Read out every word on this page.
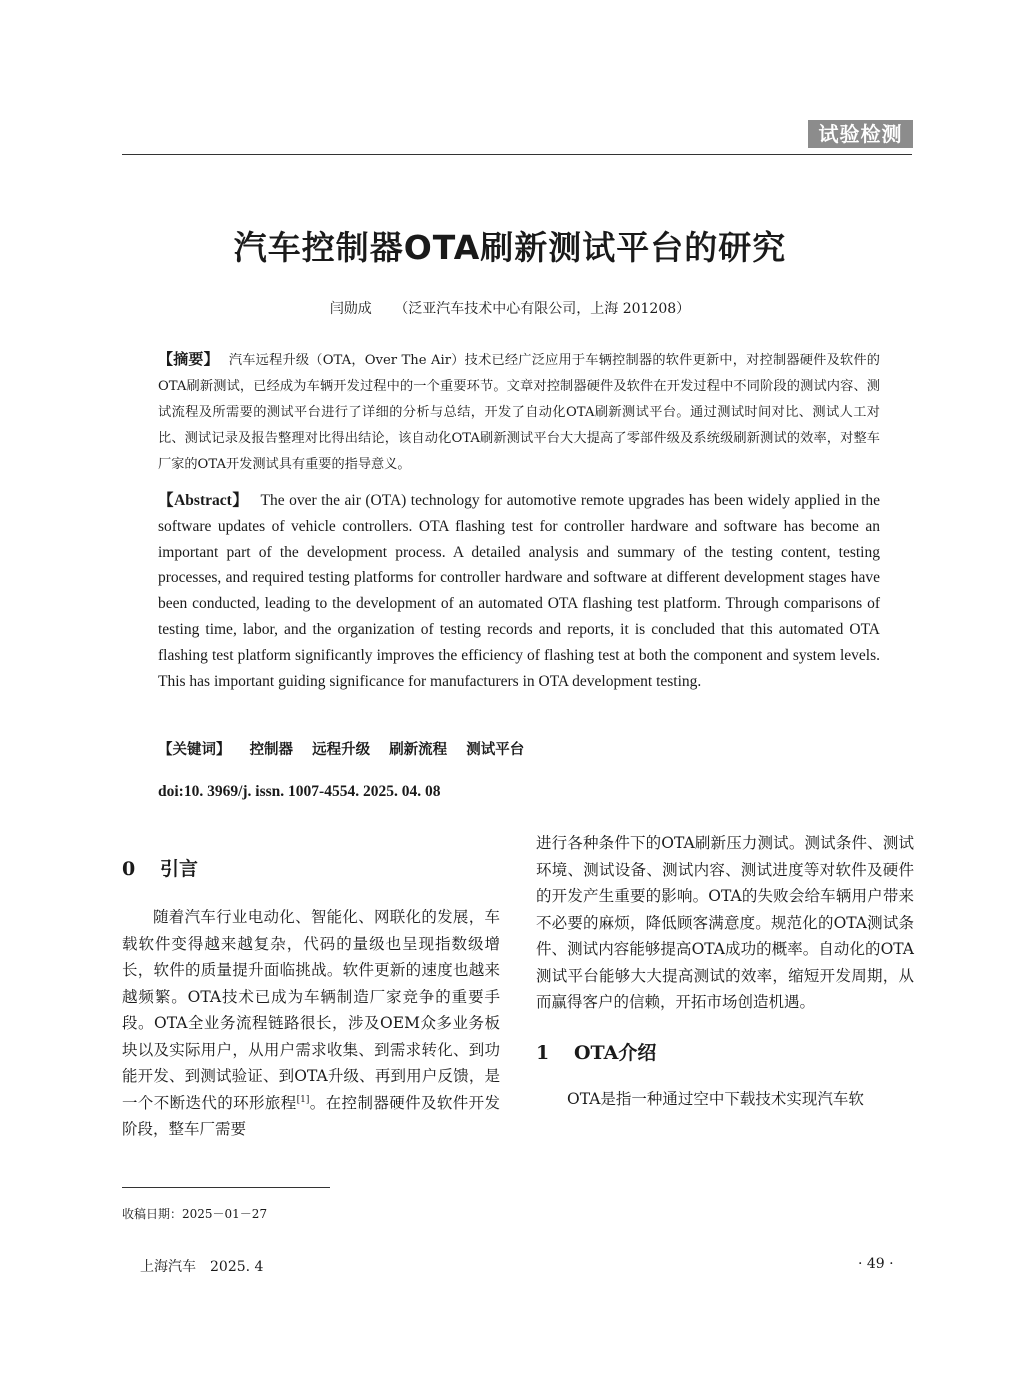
试验检测
汽车控制器OTA刷新测试平台的研究
闫勋成 （泛亚汽车技术中心有限公司，上海 201208）
【摘要】 汽车远程升级（OTA，Over The Air）技术已经广泛应用于车辆控制器的软件更新中，对控制器硬件及软件的OTA刷新测试，已经成为车辆开发过程中的一个重要环节。文章对控制器硬件及软件在开发过程中不同阶段的测试内容、测试流程及所需要的测试平台进行了详细的分析与总结，开发了自动化OTA刷新测试平台。通过测试时间对比、测试人工对比、测试记录及报告整理对比得出结论，该自动化OTA刷新测试平台大大提高了零部件级及系统级刷新测试的效率，对整车厂家的OTA开发测试具有重要的指导意义。
【Abstract】 The over the air (OTA) technology for automotive remote upgrades has been widely applied in the software updates of vehicle controllers. OTA flashing test for controller hardware and software has become an important part of the development process. A detailed analysis and summary of the testing content, testing processes, and required testing platforms for controller hardware and software at different development stages have been conducted, leading to the development of an automated OTA flashing test platform. Through comparisons of testing time, labor, and the organization of testing records and reports, it is concluded that this automated OTA flashing test platform significantly improves the efficiency of flashing test at both the component and system levels. This has important guiding significance for manufacturers in OTA development testing.
【关键词】 控制器 远程升级 刷新流程 测试平台
doi:10. 3969/j. issn. 1007-4554. 2025. 04. 08
0 引言

随着汽车行业电动化、智能化、网联化的发展，车载软件变得越来越复杂，代码的量级也呈现指数级增长，软件的质量提升面临挑战。软件更新的速度也越来越频繁。OTA技术已成为车辆制造厂家竞争的重要手段。OTA全业务流程链路很长，涉及OEM众多业务板块以及实际用户，从用户需求收集、到需求转化、到功能开发、到测试验证、到OTA升级、再到用户反馈，是一个不断迭代的环形旅程[1]。在控制器硬件及软件开发阶段，整车厂需要

进行各种条件下的OTA刷新压力测试。测试条件、测试环境、测试设备、测试内容、测试进度等对软件及硬件的开发产生重要的影响。OTA的失败会给车辆用户带来不必要的麻烦，降低顾客满意度。规范化的OTA测试条件、测试内容能够提高OTA成功的概率。自动化的OTA测试平台能够大大提高测试的效率，缩短开发周期，从而赢得客户的信赖，开拓市场创造机遇。

1 OTA介绍

OTA是指一种通过空中下载技术实现汽车软

收稿日期：2025－01－27
上海汽车 2025. 4	· 49 ·
